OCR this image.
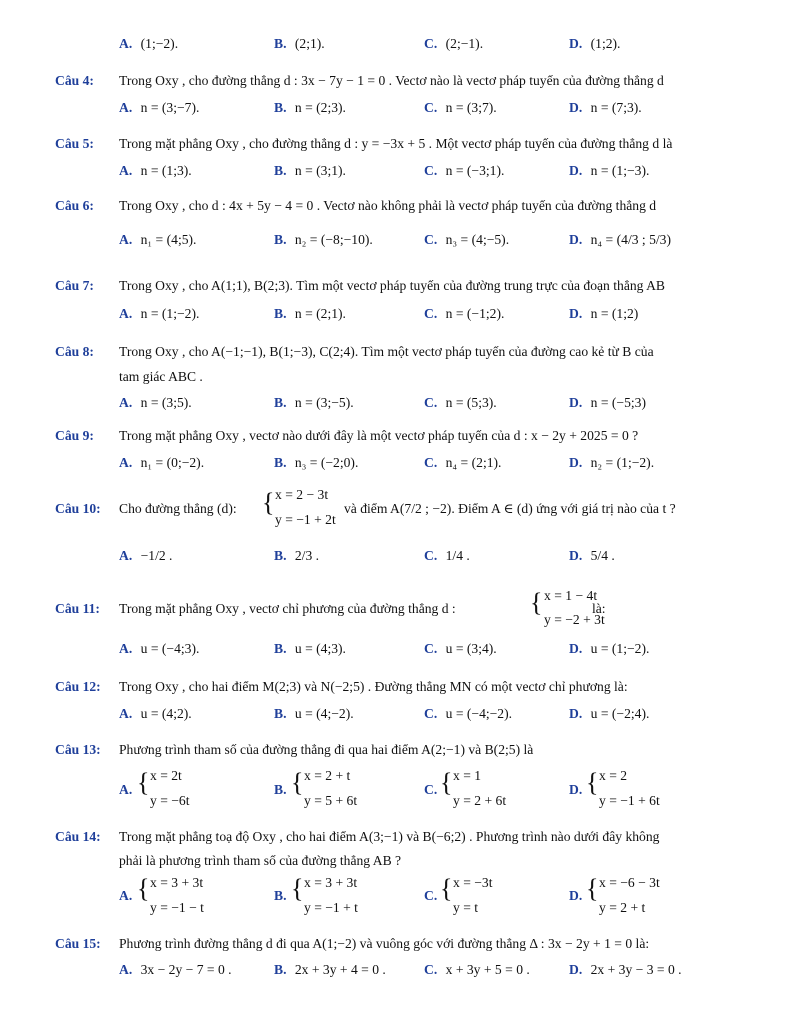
A. (1;−2).	B. (2;1).	C. (2;−1).	D. (1;2).
Câu 4:	Trong Oxy , cho đường thẳng d : 3x − 7y − 1 = 0 . Vectơ nào là vectơ pháp tuyến của đường thẳng d
A. n = (3;−7).	B. n = (2;3).	C. n = (3;7).	D. n = (7;3).
Câu 5:	Trong mặt phẳng Oxy , cho đường thẳng d : y = −3x + 5 . Một vectơ pháp tuyến của đường thẳng d là
A. n = (1;3).	B. n = (3;1).	C. n = (−3;1).	D. n = (1;−3).
Câu 6:	Trong Oxy , cho d : 4x + 5y − 4 = 0 . Vectơ nào không phải là vectơ pháp tuyến của đường thẳng d
A. n₁ = (4;5).	B. n₂ = (−8;−10).	C. n₃ = (4;−5).	D. n₄ = (4/3 ; 5/3)
Câu 7:	Trong Oxy , cho A(1;1), B(2;3). Tìm một vectơ pháp tuyến của đường trung trực của đoạn thẳng AB
A. n = (1;−2).	B. n = (2;1).	C. n = (−1;2).	D. n = (1;2)
Câu 8:	Trong Oxy , cho A(−1;−1), B(1;−3), C(2;4). Tìm một vectơ pháp tuyến của đường cao kẻ từ B của
tam giác ABC .
A. n = (3;5).	B. n = (3;−5).	C. n = (5;3).	D. n = (−5;3)
Câu 9:	Trong mặt phẳng Oxy , vectơ nào dưới đây là một vectơ pháp tuyến của d : x − 2y + 2025 = 0 ?
A. n₁ = (0;−2).	B. n₃ = (−2;0).	C. n₄ = (2;1).	D. n₂ = (1;−2).
Câu 10:	Cho đường thẳng (d): { x = 2 − 3t
y = −1 + 2t
và điểm A(7/2 ; −2). Điểm A ∈ (d) ứng với giá trị nào của t ?
A. −1/2 .	B. 2/3 .	C. 1/4 .	D. 5/4 .
Câu 11:	Trong mặt phẳng Oxy , vectơ chỉ phương của đường thẳng d :	{ x = 1 − 4t
y = −2 + 3t
là:
A. u = (−4;3).	B. u = (4;3).	C. u = (3;4).	D. u = (1;−2).
Câu 12:	Trong Oxy , cho hai điểm M(2;3) và N(−2;5) . Đường thẳng MN có một vectơ chỉ phương là:
A. u = (4;2).	B. u = (4;−2).	C. u = (−4;−2).	D. u = (−2;4).
Câu 13:	Phương trình tham số của đường thẳng đi qua hai điểm A(2;−1) và B(2;5) là
A. { x = 2t
y = −6t
B. { x = 2 + t
y = 5 + 6t
C. { x = 1
y = 2 + 6t
D. { x = 2
y = −1 + 6t
Câu 14:	Trong mặt phẳng toạ độ Oxy , cho hai điểm A(3;−1) và B(−6;2) . Phương trình nào dưới đây không
phải là phương trình tham số của đường thẳng AB ?
A. { x = 3 + 3t
y = −1 − t
B. { x = 3 + 3t
y = −1 + t
C. { x = −3t
y = t
D. { x = −6 − 3t
y = 2 + t
Câu 15:	Phương trình đường thẳng d đi qua A(1;−2) và vuông góc với đường thẳng Δ : 3x − 2y + 1 = 0 là:
A. 3x − 2y − 7 = 0 .	B. 2x + 3y + 4 = 0 .	C. x + 3y + 5 = 0 .	D. 2x + 3y − 3 = 0 .
